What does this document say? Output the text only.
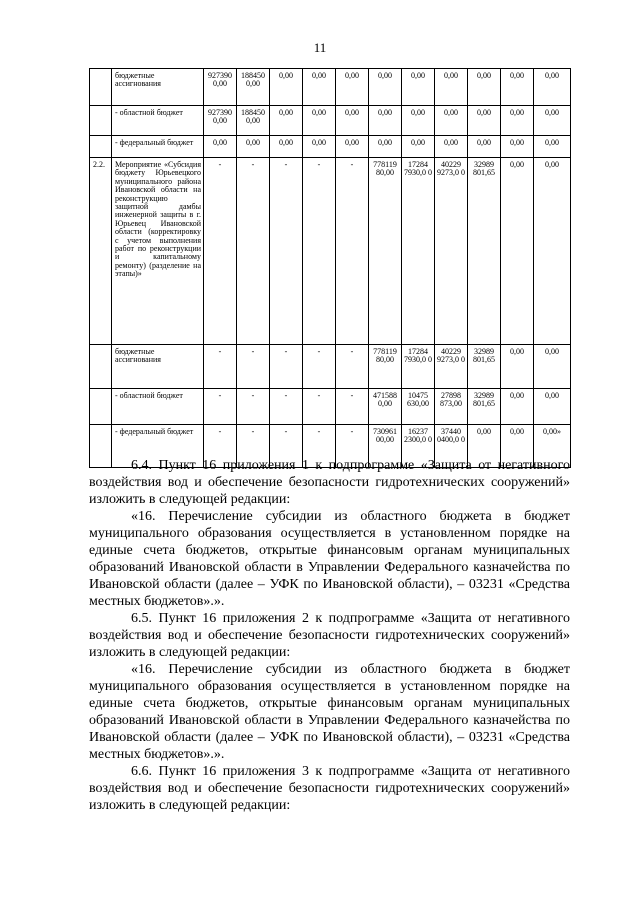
11
	бюджетные ассигнования	927390 0,00	188450 0,00	0,00	0,00	0,00	0,00	0,00	0,00	0,00	0,00	0,00
	- областной бюджет	927390 0,00	188450 0,00	0,00	0,00	0,00	0,00	0,00	0,00	0,00	0,00	0,00
	- федеральный бюджет	0,00	0,00	0,00	0,00	0,00	0,00	0,00	0,00	0,00	0,00	0,00
2.2.	Мероприятие «Субсидия бюджету Юрьевецкого муниципального района Ивановской области на реконструкцию защитной дамбы инженерной защиты в г. Юрьевец Ивановской области (корректировку с учетом выполнения работ по реконструкции и капитальному ремонту) (разделение на этапы)»	-	-	-	-	-	778119 80,00	17284 7930,0 0	40229 9273,0 0	32989 801,65	0,00	0,00
	бюджетные ассигнования	-	-	-	-	-	778119 80,00	17284 7930,0 0	40229 9273,0 0	32989 801,65	0,00	0,00
	- областной бюджет	-	-	-	-	-	471588 0,00	10475 630,00	27898 873,00	32989 801,65	0,00	0,00
	- федеральный бюджет	-	-	-	-	-	730961 00,00	16237 2300,0 0	37440 0400,0 0	0,00	0,00	0,00»

6.4. Пункт 16 приложения 1 к подпрограмме «Защита от негативного воздействия вод и обеспечение безопасности гидротехнических сооружений» изложить в следующей редакции:

«16. Перечисление субсидии из областного бюджета в бюджет муниципального образования осуществляется в установленном порядке на единые счета бюджетов, открытые финансовым органам муниципальных образований Ивановской области в Управлении Федерального казначейства по Ивановской области (далее – УФК по Ивановской области), – 03231 «Средства местных бюджетов».».

6.5. Пункт 16 приложения 2 к подпрограмме «Защита от негативного воздействия вод и обеспечение безопасности гидротехнических сооружений» изложить в следующей редакции:

«16. Перечисление субсидии из областного бюджета в бюджет муниципального образования осуществляется в установленном порядке на единые счета бюджетов, открытые финансовым органам муниципальных образований Ивановской области в Управлении Федерального казначейства по Ивановской области (далее – УФК по Ивановской области), – 03231 «Средства местных бюджетов».».

6.6. Пункт 16 приложения 3 к подпрограмме «Защита от негативного воздействия вод и обеспечение безопасности гидротехнических сооружений» изложить в следующей редакции:
